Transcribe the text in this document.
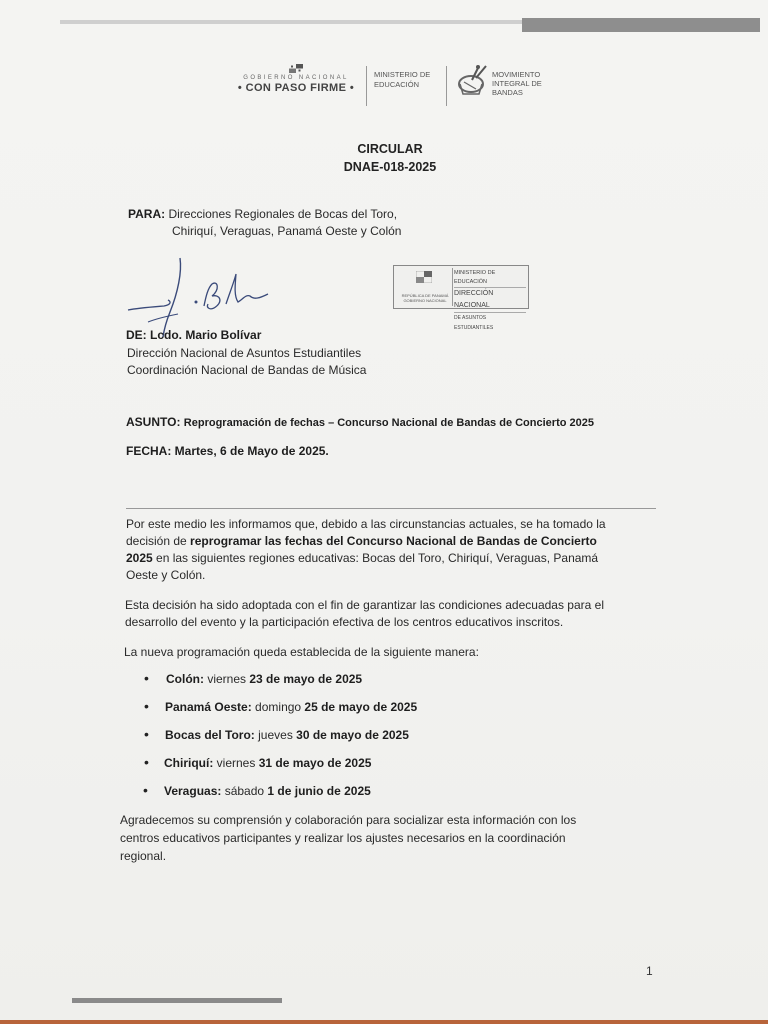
GOBIERNO NACIONAL
• CON PASO FIRME •
MINISTERIO DE EDUCACIÓN
MOVIMIENTO INTEGRAL DE BANDAS
CIRCULAR
DNAE-018-2025
PARA: Direcciones Regionales de Bocas del Toro,
Chiriquí, Veraguas, Panamá Oeste y Colón
REPÚBLICA DE PANAMÁ GOBIERNO NACIONAL
MINISTERIO DE EDUCACIÓN
DIRECCIÓN NACIONAL
DE ASUNTOS ESTUDIANTILES
DE: Lcdo. Mario Bolívar
Dirección Nacional de Asuntos Estudiantiles
Coordinación Nacional de Bandas de Música
ASUNTO: Reprogramación de fechas – Concurso Nacional de Bandas de Concierto 2025
FECHA: Martes, 6 de Mayo de 2025.
Por este medio les informamos que, debido a las circunstancias actuales, se ha tomado la
decisión de reprogramar las fechas del Concurso Nacional de Bandas de Concierto
2025 en las siguientes regiones educativas: Bocas del Toro, Chiriquí, Veraguas, Panamá
Oeste y Colón.
Esta decisión ha sido adoptada con el fin de garantizar las condiciones adecuadas para el
desarrollo del evento y la participación efectiva de los centros educativos inscritos.
La nueva programación queda establecida de la siguiente manera:
• Colón: viernes 23 de mayo de 2025
• Panamá Oeste: domingo 25 de mayo de 2025
• Bocas del Toro: jueves 30 de mayo de 2025
• Chiriquí: viernes 31 de mayo de 2025
• Veraguas: sábado 1 de junio de 2025
Agradecemos su comprensión y colaboración para socializar esta información con los
centros educativos participantes y realizar los ajustes necesarios en la coordinación
regional.
1
